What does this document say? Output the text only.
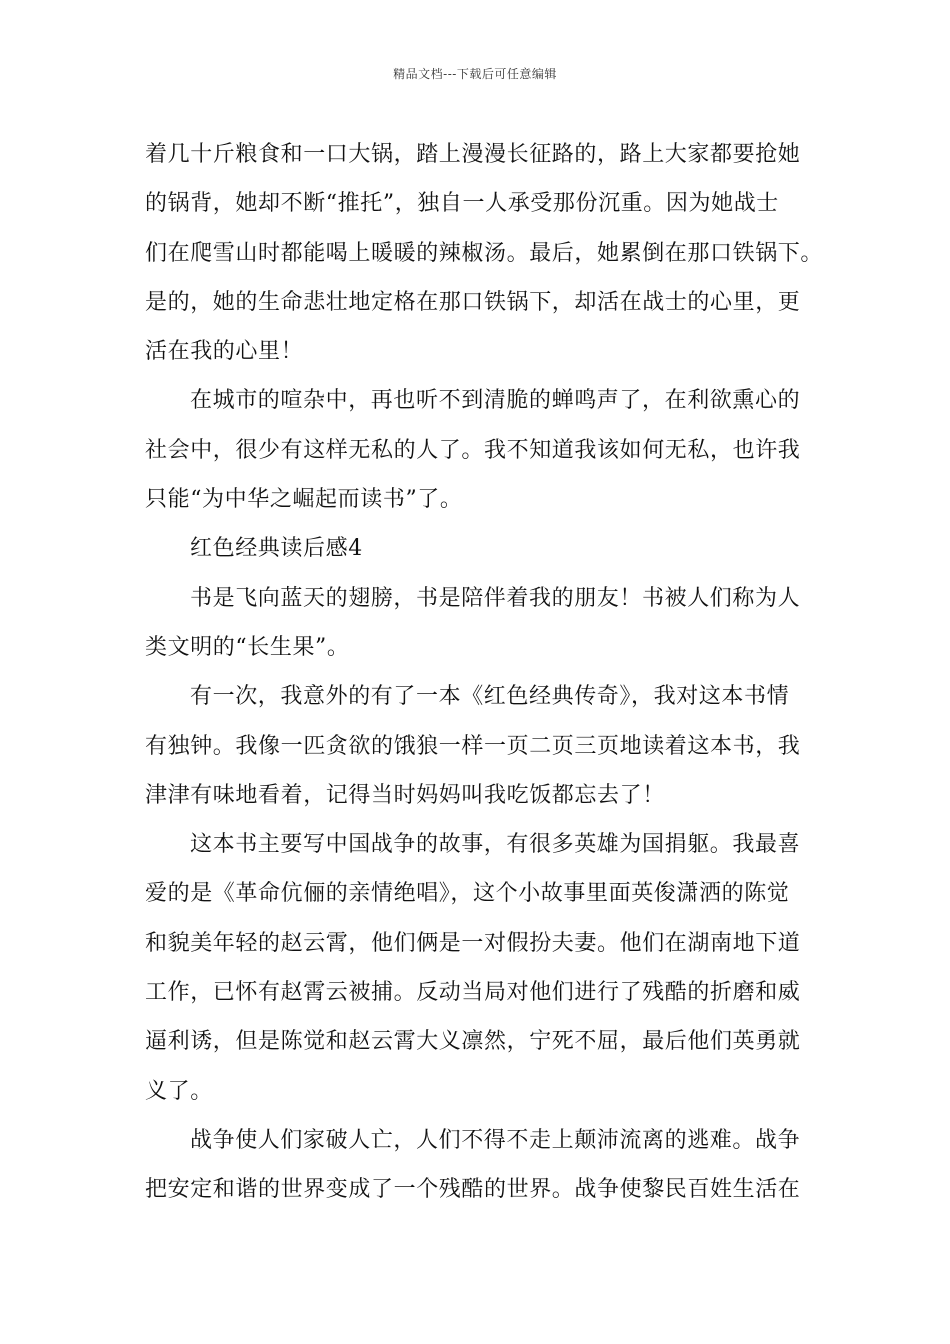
精品文档---下载后可任意编辑
着几十斤粮食和一口大锅，踏上漫漫长征路的，路上大家都要抢她
的锅背，她却不断“推托”，独自一人承受那份沉重。因为她战士
们在爬雪山时都能喝上暖暖的辣椒汤。最后，她累倒在那口铁锅下。
是的，她的生命悲壮地定格在那口铁锅下，却活在战士的心里，更
活在我的心里！
在城市的喧杂中，再也听不到清脆的蝉鸣声了，在利欲熏心的
社会中，很少有这样无私的人了。我不知道我该如何无私，也许我
只能“为中华之崛起而读书”了。
红色经典读后感4
书是飞向蓝天的翅膀，书是陪伴着我的朋友！书被人们称为人
类文明的“长生果”。
有一次，我意外的有了一本《红色经典传奇》，我对这本书情
有独钟。我像一匹贪欲的饿狼一样一页二页三页地读着这本书，我
津津有味地看着，记得当时妈妈叫我吃饭都忘去了！
这本书主要写中国战争的故事，有很多英雄为国捐躯。我最喜
爱的是《革命伉俪的亲情绝唱》，这个小故事里面英俊潇洒的陈觉
和貌美年轻的赵云霄，他们俩是一对假扮夫妻。他们在湖南地下道
工作，已怀有赵霄云被捕。反动当局对他们进行了残酷的折磨和威
逼利诱，但是陈觉和赵云霄大义凛然，宁死不屈，最后他们英勇就
义了。
战争使人们家破人亡，人们不得不走上颠沛流离的逃难。战争
把安定和谐的世界变成了一个残酷的世界。战争使黎民百姓生活在
